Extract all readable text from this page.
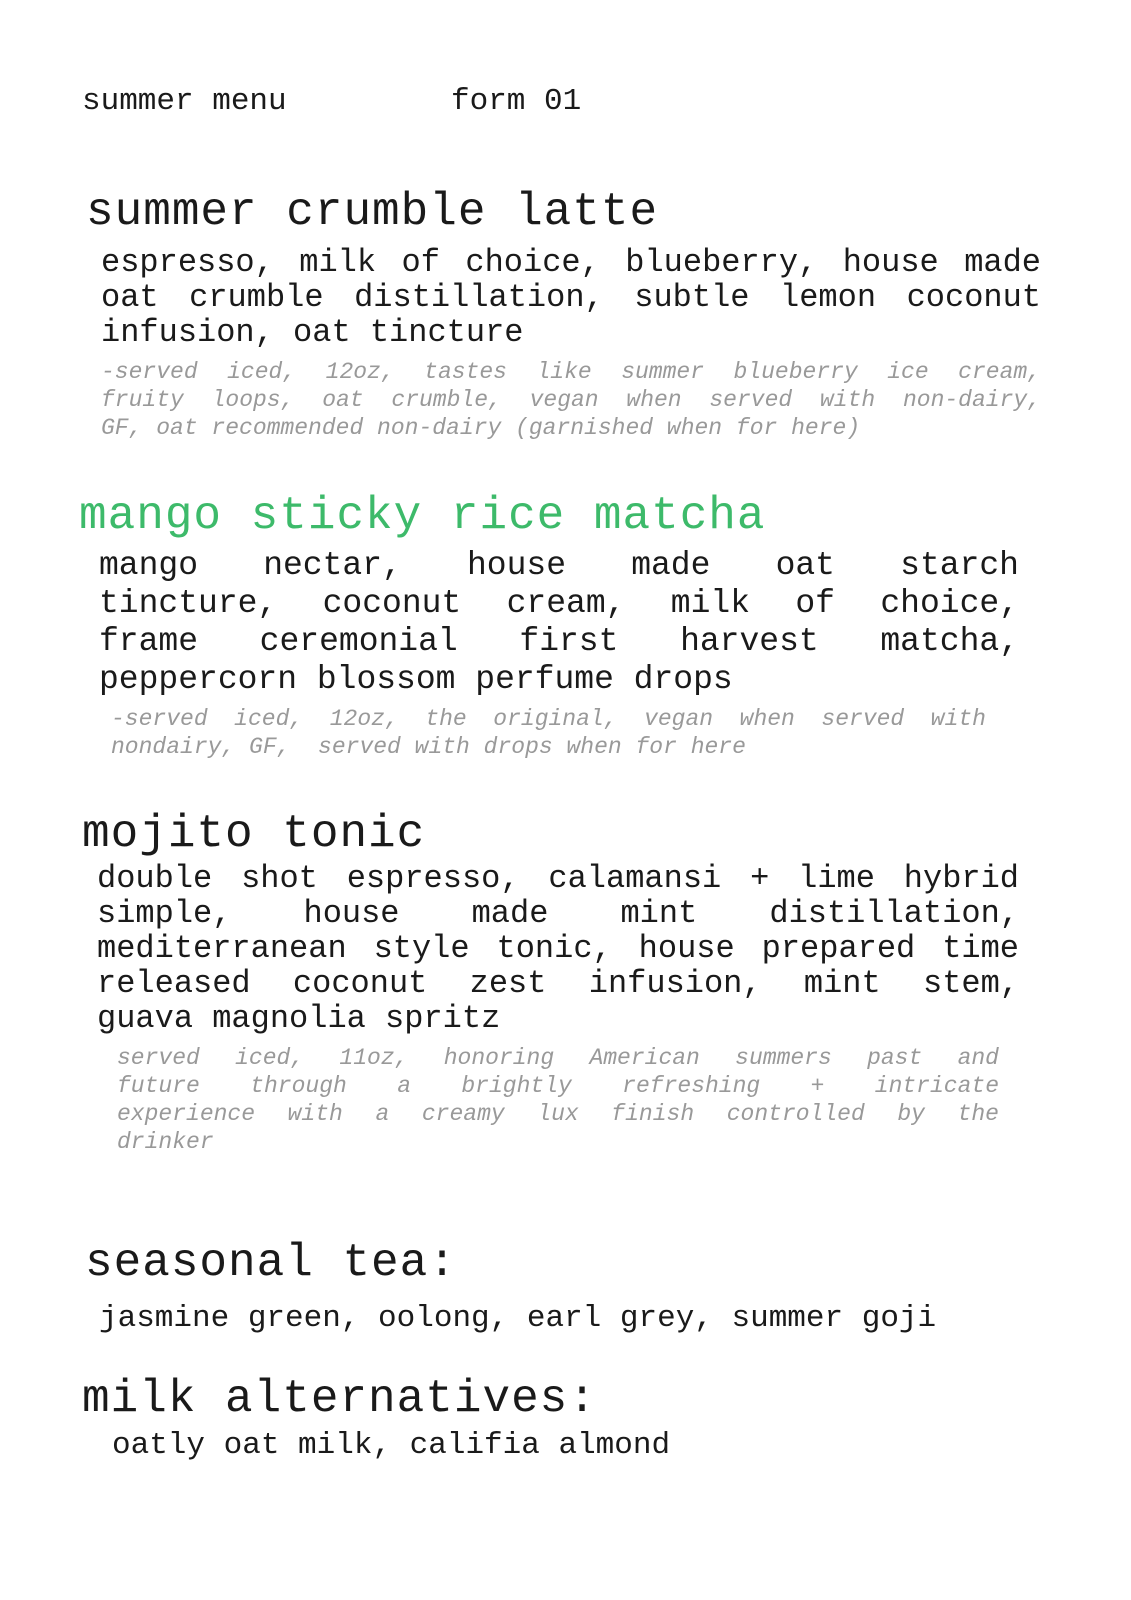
summer menu	form 01
summer crumble latte
espresso, milk of choice, blueberry, house made
oat crumble distillation, subtle lemon coconut
infusion, oat tincture
-served iced, 12oz, tastes like summer blueberry ice cream,
fruity loops, oat crumble, vegan when served with non-dairy,
GF, oat recommended non-dairy (garnished when for here)
mango sticky rice matcha
mango nectar, house made oat starch
tincture, coconut cream, milk of choice,
frame ceremonial first harvest matcha,
peppercorn blossom perfume drops
-served iced, 12oz, the original, vegan when served with
nondairy, GF,  served with drops when for here
mojito tonic
double shot espresso, calamansi + lime hybrid
simple, house made mint distillation,
mediterranean style tonic, house prepared time
released coconut zest infusion, mint stem,
guava magnolia spritz
served iced, 11oz, honoring American summers past and
future through a brightly refreshing + intricate
experience with a creamy lux finish controlled by the
drinker
seasonal tea:
jasmine green, oolong, earl grey, summer goji
milk alternatives:
oatly oat milk, califia almond
